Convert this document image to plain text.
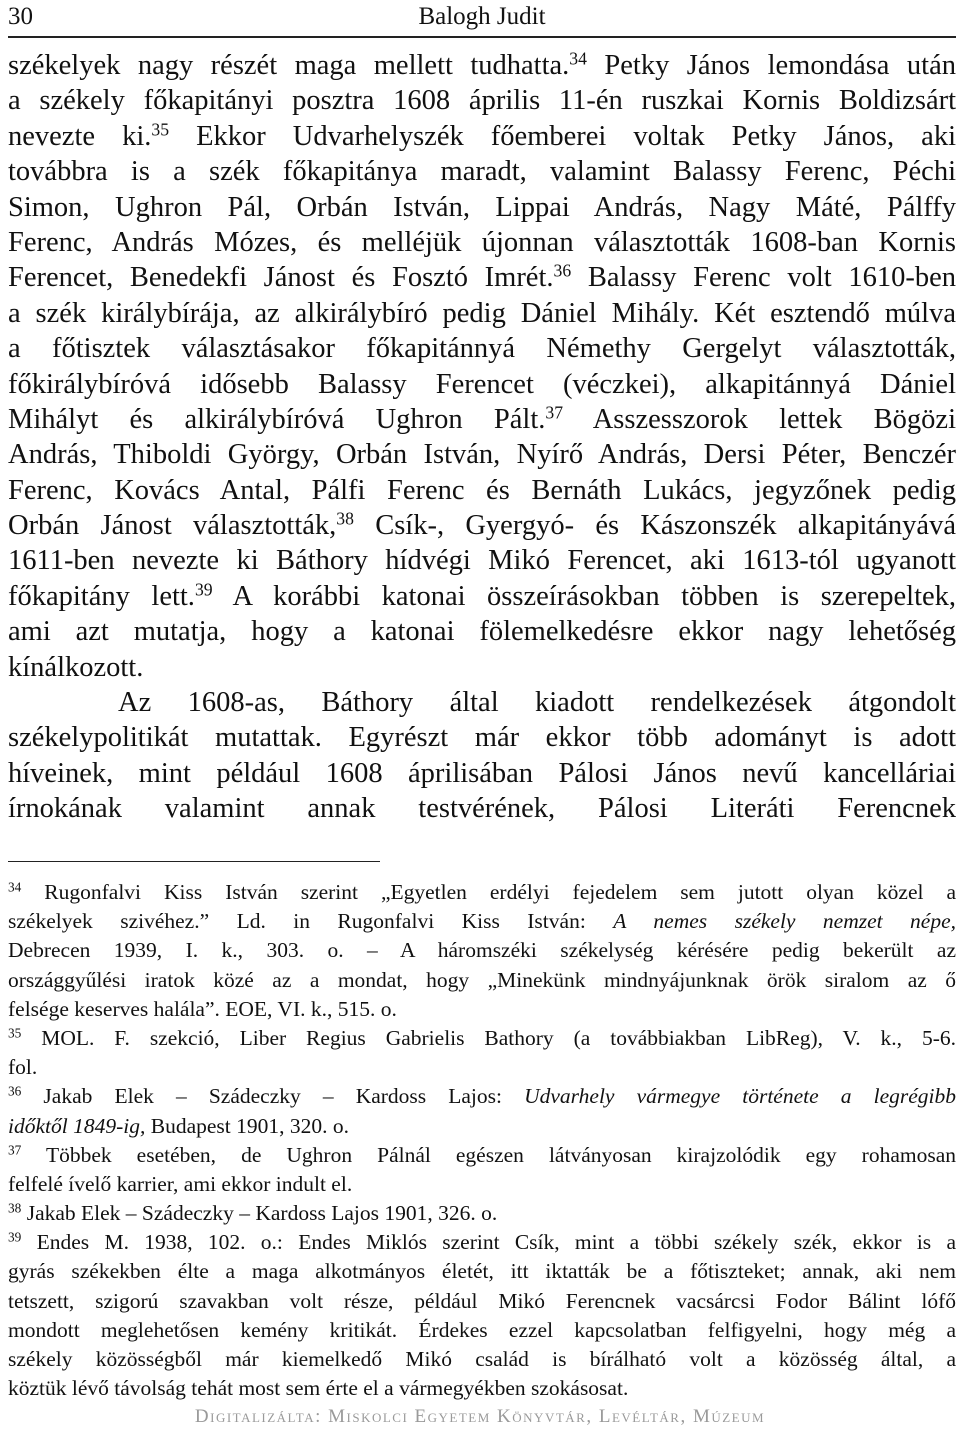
30	Balogh Judit
székelyek nagy részét maga mellett tudhatta.$^{34}$ Petky János lemondása után
a székely főkapitányi posztra 1608 április 11-én ruszkai Kornis Boldizsárt
nevezte ki.$^{35}$ Ekkor Udvarhelyszék főemberei voltak Petky János, aki
továbbra is a szék főkapitánya maradt, valamint Balassy Ferenc, Péchi
Simon, Ughron Pál, Orbán István, Lippai András, Nagy Máté, Pálffy
Ferenc, András Mózes, és melléjük újonnan választották 1608-ban Kornis
Ferencet, Benedekfi Jánost és Fosztó Imrét.$^{36}$ Balassy Ferenc volt 1610-ben
a szék királybírája, az alkirálybíró pedig Dániel Mihály. Két esztendő múlva
a főtisztek választásakor főkapitánnyá Némethy Gergelyt választották,
főkirálybíróvá idősebb Balassy Ferencet (véczkei), alkapitánnyá Dániel
Mihályt és alkirálybíróvá Ughron Pált.$^{37}$ Asszesszorok lettek Bögözi
András, Thiboldi György, Orbán István, Nyírő András, Dersi Péter, Benczér
Ferenc, Kovács Antal, Pálfi Ferenc és Bernáth Lukács, jegyzőnek pedig
Orbán Jánost választották,$^{38}$ Csík-, Gyergyó- és Kászonszék alkapitányává
1611-ben nevezte ki Báthory hídvégi Mikó Ferencet, aki 1613-tól ugyanott
főkapitány lett.$^{39}$ A korábbi katonai összeírásokban többen is szerepeltek,
ami azt mutatja, hogy a katonai fölemelkedésre ekkor nagy lehetőség
kínálkozott.
Az 1608-as, Báthory által kiadott rendelkezések átgondolt
székelypolitikát mutattak. Egyrészt már ekkor több adományt is adott
híveinek, mint például 1608 áprilisában Pálosi János nevű kancelláriai
írnokának valamint annak testvérének, Pálosi Literáti Ferencnek
$^{34}$ Rugonfalvi Kiss István szerint „Egyetlen erdélyi fejedelem sem jutott olyan közel a
székelyek szivéhez.” Ld. in Rugonfalvi Kiss István: A nemes székely nemzet népe,
Debrecen 1939, I. k., 303. o. – A háromszéki székelység kérésére pedig bekerült az
országgyűlési iratok közé az a mondat, hogy „Minekünk mindnyájunknak örök siralom az ő
felsége keserves halála”. EOE, VI. k., 515. o.
$^{35}$ MOL. F. szekció, Liber Regius Gabrielis Bathory (a továbbiakban LibReg), V. k., 5-6.
fol.
$^{36}$ Jakab Elek – Szádeczky – Kardoss Lajos: Udvarhely vármegye története a legrégibb
időktől 1849-ig, Budapest 1901, 320. o.
$^{37}$ Többek esetében, de Ughron Pálnál egészen látványosan kirajzolódik egy rohamosan
felfelé ívelő karrier, ami ekkor indult el.
$^{38}$ Jakab Elek – Szádeczky – Kardoss Lajos 1901, 326. o.
$^{39}$ Endes M. 1938, 102. o.: Endes Miklós szerint Csík, mint a többi székely szék, ekkor is a
gyrás székekben élte a maga alkotmányos életét, itt iktatták be a főtiszteket; annak, aki nem
tetszett, szigorú szavakban volt része, például Mikó Ferencnek vacsárcsi Fodor Bálint lófő
mondott meglehetősen kemény kritikát. Érdekes ezzel kapcsolatban felfigyelni, hogy még a
székely közösségből már kiemelkedő Mikó család is bírálható volt a közösség által, a
köztük lévő távolság tehát most sem érte el a vármegyékben szokásosat.
Digitalizálta: Miskolci Egyetem Könyvtár, Levéltár, Múzeum
